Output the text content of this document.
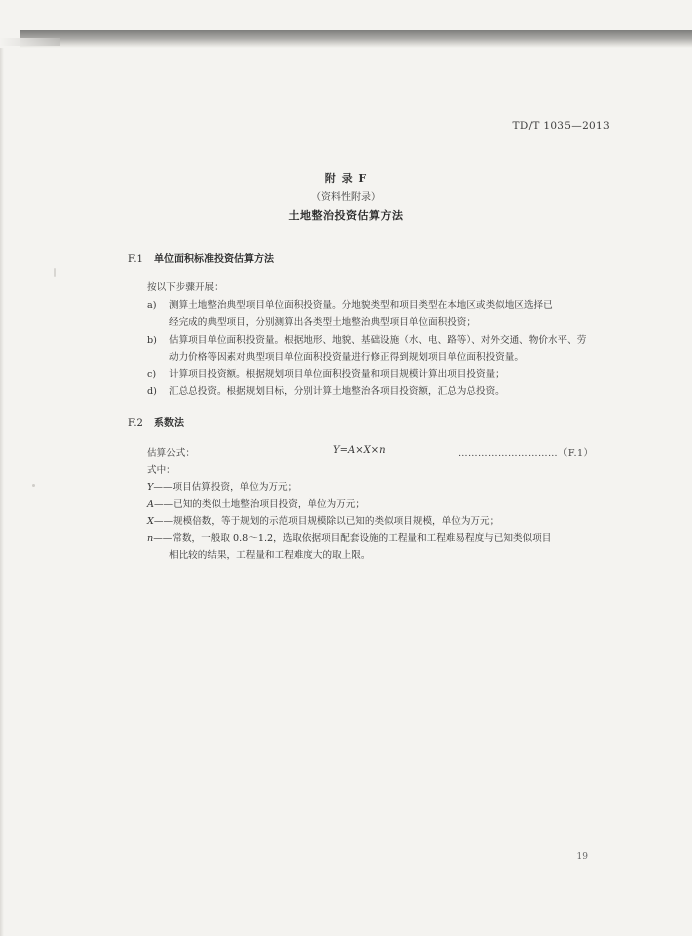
TD/T 1035—2013

附 录 F

（资料性附录）

土地整治投资估算方法

F.1 单位面积标准投资估算方法

按以下步骤开展：

a) 测算土地整治典型项目单位面积投资量。分地貌类型和项目类型在本地区或类似地区选择已

经完成的典型项目，分别测算出各类型土地整治典型项目单位面积投资；

b) 估算项目单位面积投资量。根据地形、地貌、基础设施（水、电、路等）、对外交通、物价水平、劳

动力价格等因素对典型项目单位面积投资量进行修正得到规划项目单位面积投资量。

c) 计算项目投资额。根据规划项目单位面积投资量和项目规模计算出项目投资量；

d) 汇总总投资。根据规划目标，分别计算土地整治各项目投资额，汇总为总投资。

F.2 系数法

估算公式：	Y=A×X×n	…………………………（F.1）

式中：

Y——项目估算投资，单位为万元；

A——已知的类似土地整治项目投资，单位为万元；

X——规模倍数，等于规划的示范项目规模除以已知的类似项目规模，单位为万元；

n——常数，一般取 0.8～1.2，选取依据项目配套设施的工程量和工程难易程度与已知类似项目

相比较的结果，工程量和工程难度大的取上限。

19
